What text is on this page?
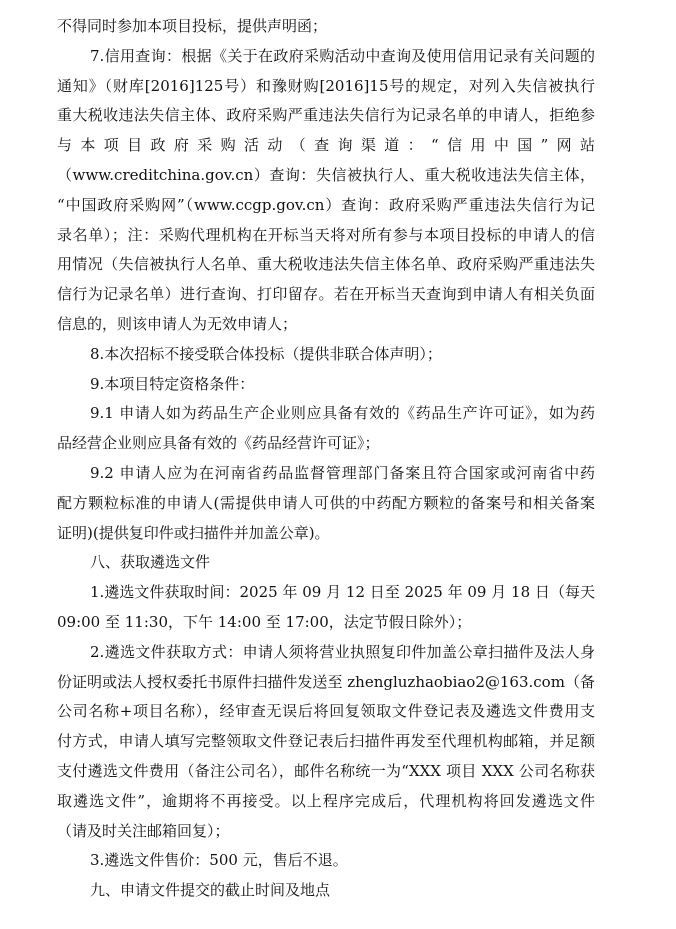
不得同时参加本项目投标，提供声明函；
7.信用查询：根据《关于在政府采购活动中查询及使用信用记录有关问题的
通知》（财库[2016]125号）和豫财购[2016]15号的规定，对列入失信被执行
重大税收违法失信主体、政府采购严重违法失信行为记录名单的申请人，拒绝参
与本项目政府采购活动（查询渠道：“信用中国”网站
（www.creditchina.gov.cn）查询：失信被执行人、重大税收违法失信主体，
“中国政府采购网”（www.ccgp.gov.cn）查询：政府采购严重违法失信行为记
录名单）；注：采购代理机构在开标当天将对所有参与本项目投标的申请人的信
用情况（失信被执行人名单、重大税收违法失信主体名单、政府采购严重违法失
信行为记录名单）进行查询、打印留存。若在开标当天查询到申请人有相关负面
信息的，则该申请人为无效申请人；
8.本次招标不接受联合体投标（提供非联合体声明）；
9.本项目特定资格条件：
9.1 申请人如为药品生产企业则应具备有效的《药品生产许可证》，如为药
品经营企业则应具备有效的《药品经营许可证》；
9.2 申请人应为在河南省药品监督管理部门备案且符合国家或河南省中药
配方颗粒标准的申请人(需提供申请人可供的中药配方颗粒的备案号和相关备案
证明)(提供复印件或扫描件并加盖公章)。
八、获取遴选文件
1.遴选文件获取时间：2025 年 09 月 12 日至 2025 年 09 月 18 日（每天
09:00 至 11:30，下午 14:00 至 17:00，法定节假日除外）；
2.遴选文件获取方式：申请人须将营业执照复印件加盖公章扫描件及法人身
份证明或法人授权委托书原件扫描件发送至 zhengluzhaobiao2@163.com（备
公司名称+项目名称），经审查无误后将回复领取文件登记表及遴选文件费用支
付方式，申请人填写完整领取文件登记表后扫描件再发至代理机构邮箱，并足额
支付遴选文件费用（备注公司名），邮件名称统一为“XXX 项目 XXX 公司名称获
取遴选文件”，逾期将不再接受。以上程序完成后，代理机构将回发遴选文件
（请及时关注邮箱回复）；
3.遴选文件售价：500 元，售后不退。
九、申请文件提交的截止时间及地点
